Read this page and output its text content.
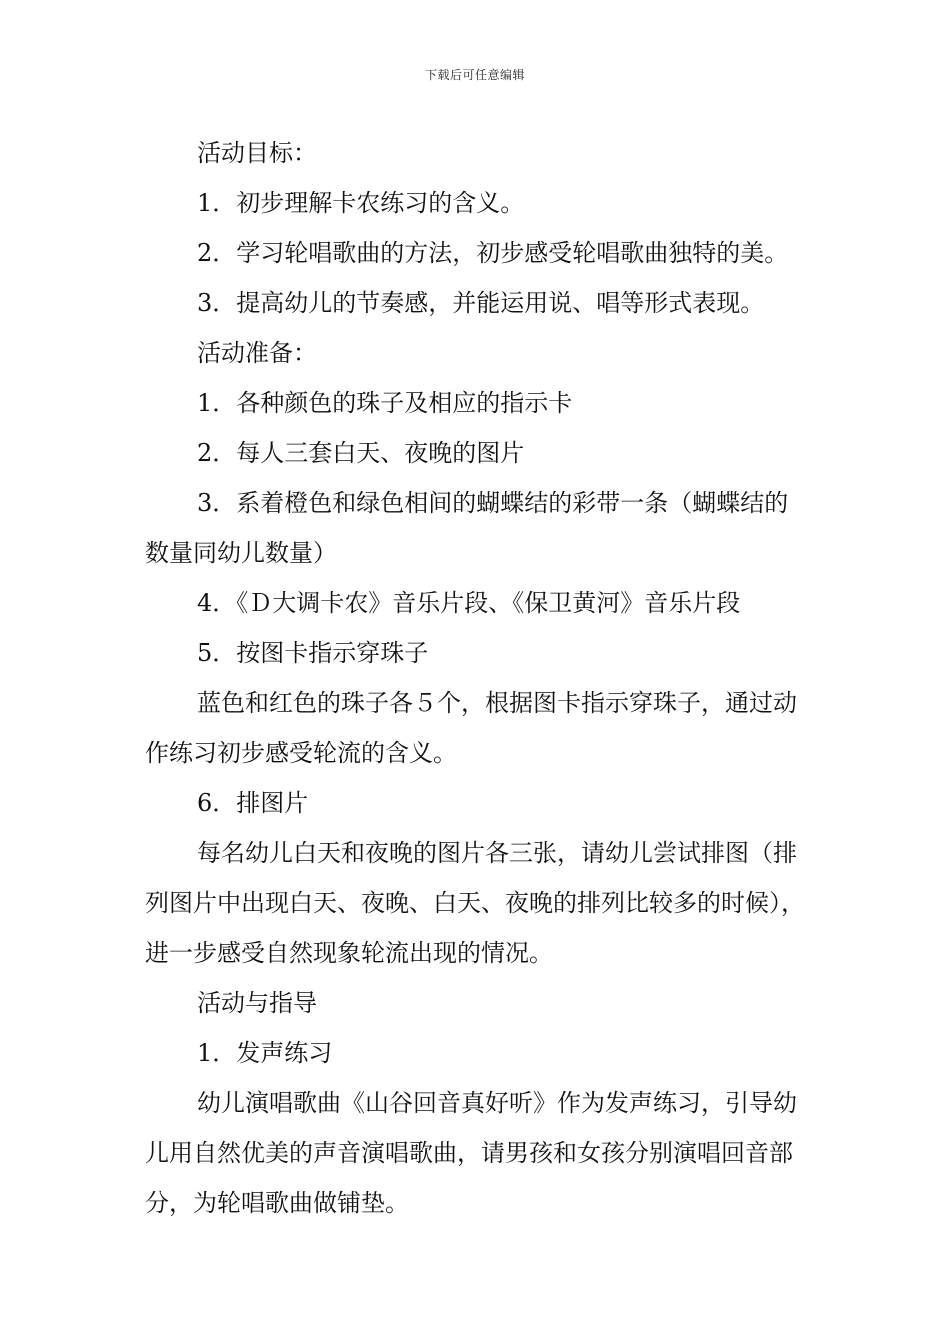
下载后可任意编辑

活动目标：

1．初步理解卡农练习的含义。

2．学习轮唱歌曲的方法，初步感受轮唱歌曲独特的美。

3．提高幼儿的节奏感，并能运用说、唱等形式表现。

活动准备：

1．各种颜色的珠子及相应的指示卡

2．每人三套白天、夜晚的图片

3．系着橙色和绿色相间的蝴蝶结的彩带一条（蝴蝶结的数量同幼儿数量）

4．《Ｄ大调卡农》音乐片段、《保卫黄河》音乐片段

5．按图卡指示穿珠子

蓝色和红色的珠子各５个，根据图卡指示穿珠子，通过动作练习初步感受轮流的含义。

6．排图片

每名幼儿白天和夜晚的图片各三张，请幼儿尝试排图（排列图片中出现白天、夜晚、白天、夜晚的排列比较多的时候），进一步感受自然现象轮流出现的情况。

活动与指导

1．发声练习

幼儿演唱歌曲《山谷回音真好听》作为发声练习，引导幼儿用自然优美的声音演唱歌曲，请男孩和女孩分别演唱回音部分，为轮唱歌曲做铺垫。
